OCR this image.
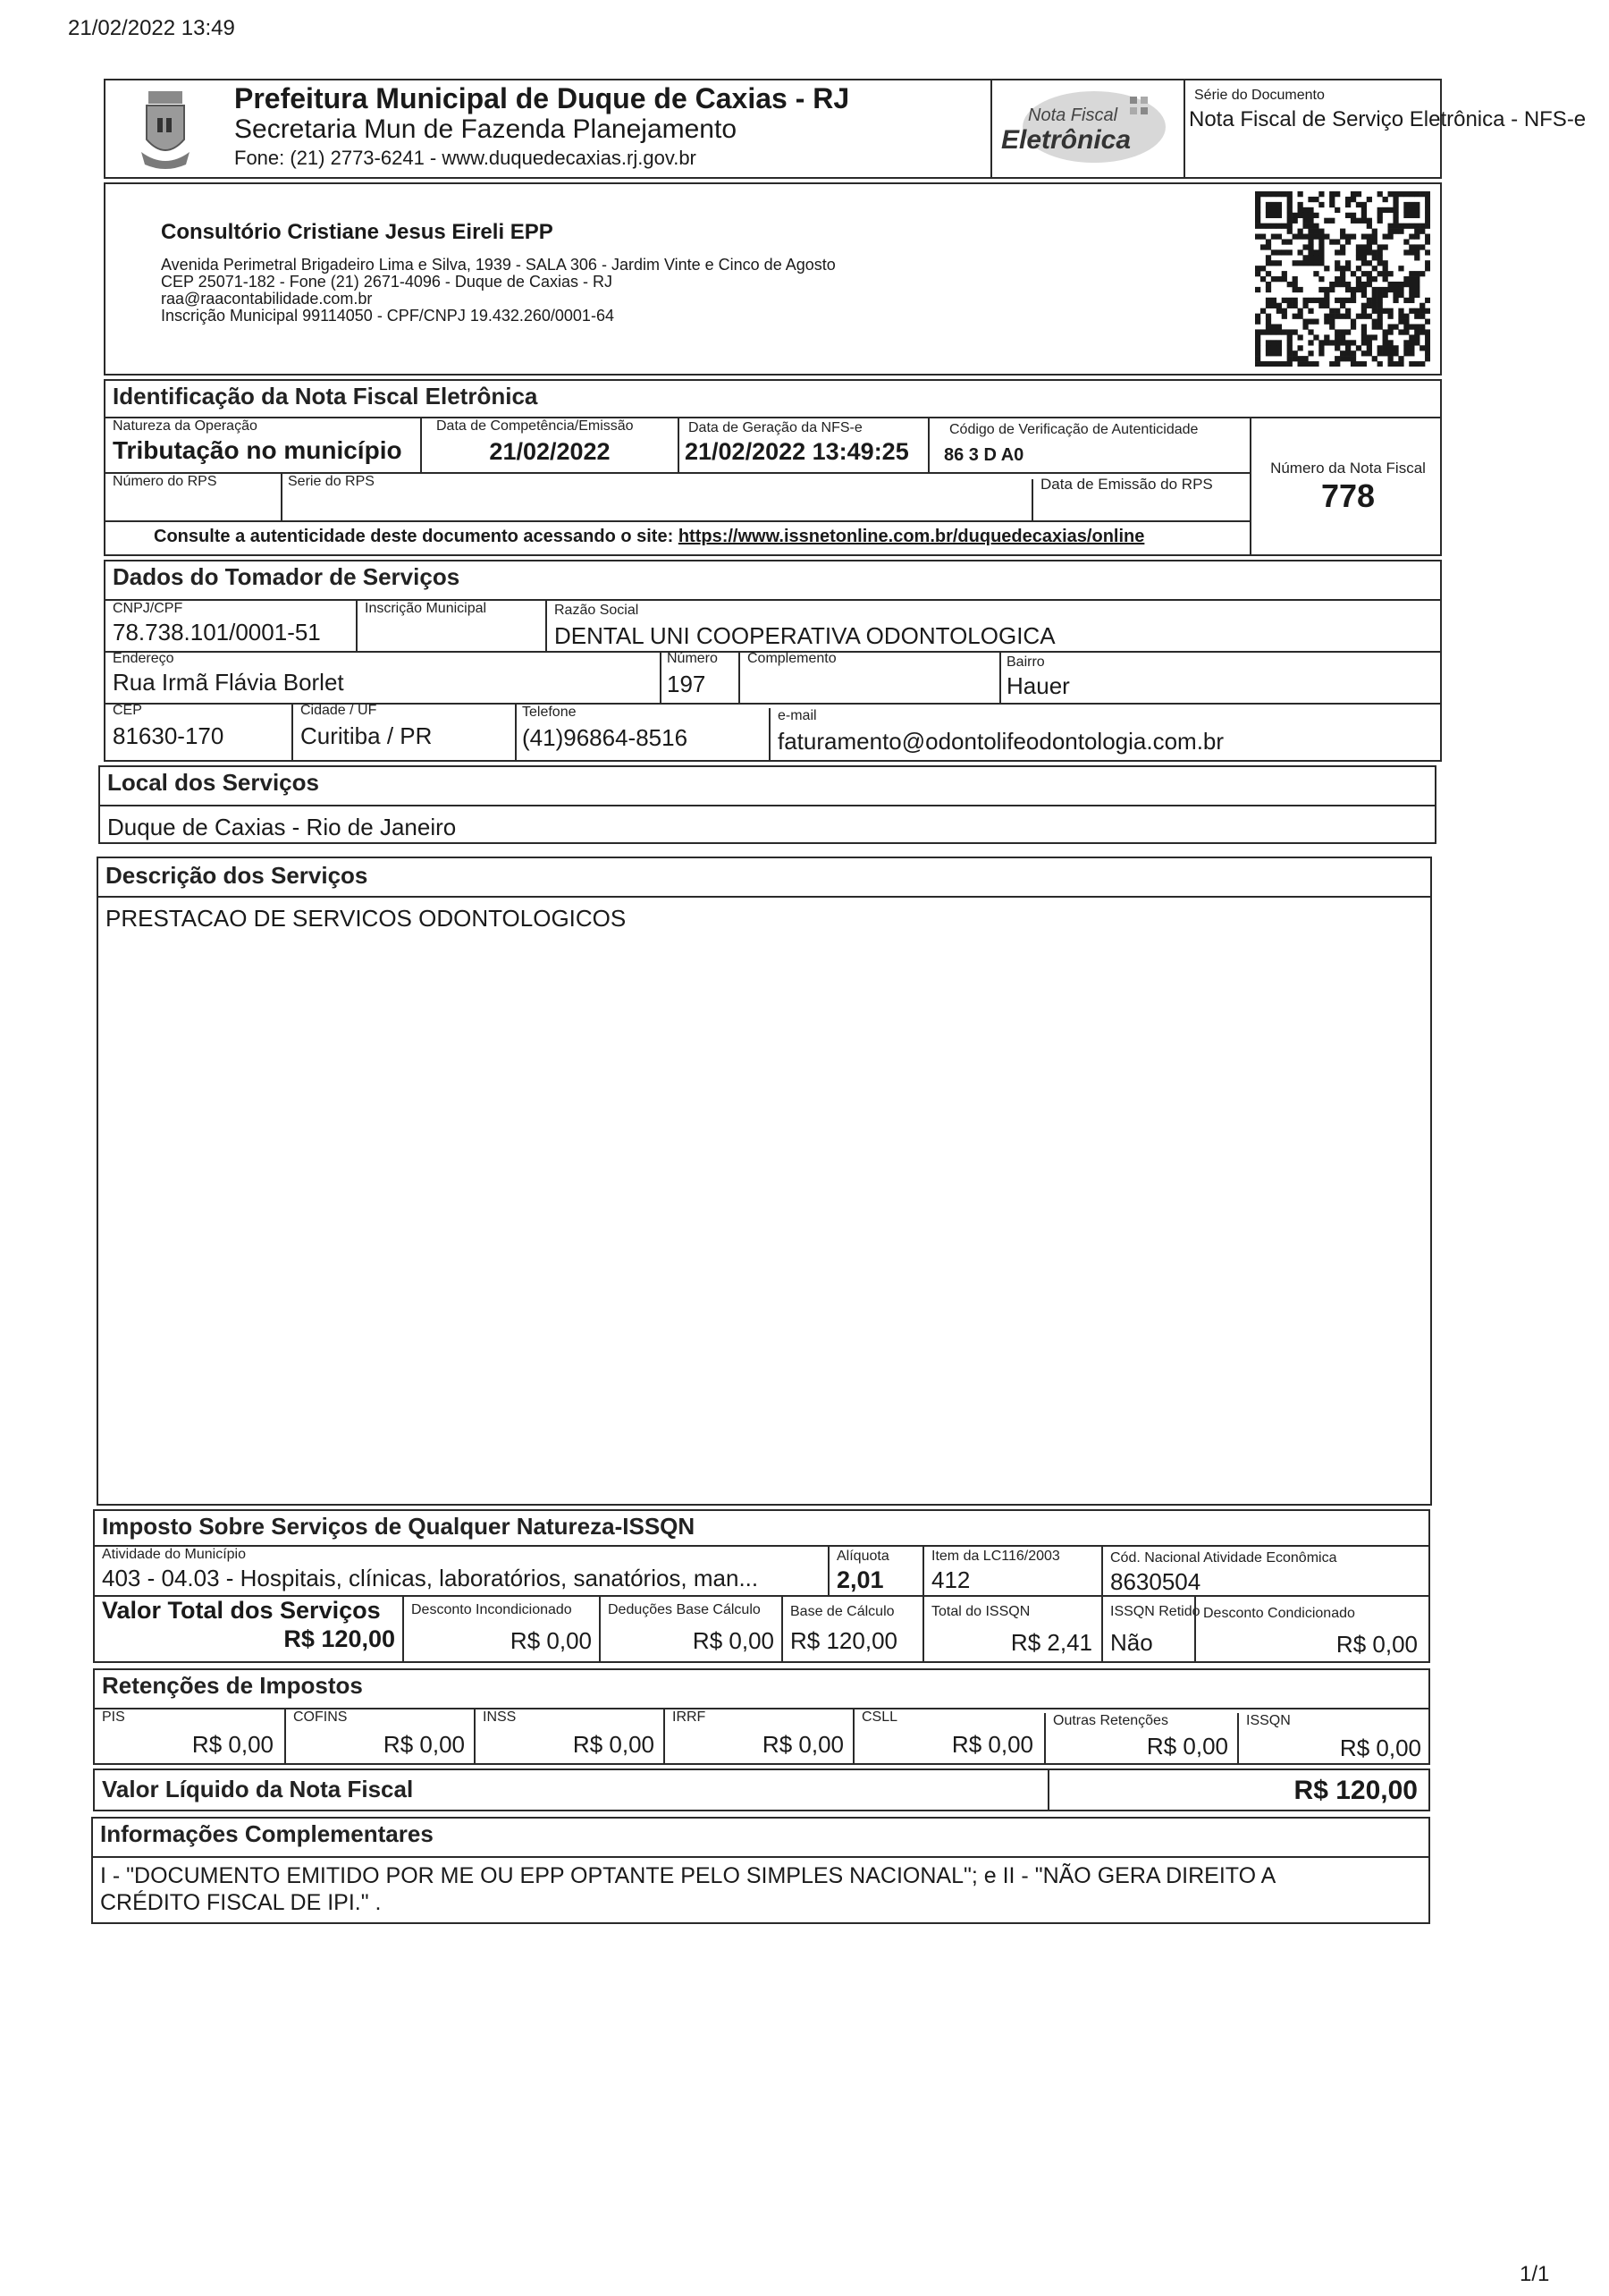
21/02/2022 13:49
Prefeitura Municipal de Duque de Caxias - RJ
Secretaria Mun de Fazenda Planejamento
Fone: (21) 2773-6241 - www.duquedecaxias.rj.gov.br
Nota Fiscal
Eletrônica
Série do Documento
Nota Fiscal de Serviço Eletrônica - NFS-e
Consultório Cristiane Jesus Eireli EPP
Avenida Perimetral Brigadeiro Lima e Silva, 1939 - SALA 306 - Jardim Vinte e Cinco de Agosto
CEP 25071-182 - Fone (21) 2671-4096 - Duque de Caxias - RJ
raa@raacontabilidade.com.br
Inscrição Municipal 99114050 - CPF/CNPJ 19.432.260/0001-64
Identificação da Nota Fiscal Eletrônica
Natureza da Operação
Tributação no município
Data de Competência/Emissão
21/02/2022
Data de Geração da NFS-e
21/02/2022 13:49:25
Código de Verificação de Autenticidade
86 3 D A0
Número da Nota Fiscal
778
Número do RPS	Serie do RPS	Data de Emissão do RPS
Consulte a autenticidade deste documento acessando o site: https://www.issnetonline.com.br/duquedecaxias/online
Dados do Tomador de Serviços
CNPJ/CPF
78.738.101/0001-51
Inscrição Municipal	Razão Social
DENTAL UNI COOPERATIVA ODONTOLOGICA
Endereço
Rua Irmã Flávia Borlet
Número
197
Complemento	Bairro
Hauer
CEP
81630-170
Cidade / UF
Curitiba / PR
Telefone
(41)96864-8516
e-mail
faturamento@odontolifeodontologia.com.br
Local dos Serviços
Duque de Caxias - Rio de Janeiro
Descrição dos Serviços
PRESTACAO DE SERVICOS ODONTOLOGICOS
Imposto Sobre Serviços de Qualquer Natureza-ISSQN
Atividade do Município
403 - 04.03 - Hospitais, clínicas, laboratórios, sanatórios, man...
Alíquota
2,01
Item da LC116/2003
412
Cód. Nacional Atividade Econômica
8630504
Valor Total dos Serviços
R$ 120,00
Desconto Incondicionado
R$ 0,00
Deduções Base Cálculo
R$ 0,00
Base de Cálculo
R$ 120,00
Total do ISSQN
R$ 2,41
ISSQN Retido
Não
Desconto Condicionado
R$ 0,00
Retenções de Impostos
PIS
R$ 0,00
COFINS
R$ 0,00
INSS
R$ 0,00
IRRF
R$ 0,00
CSLL
R$ 0,00
Outras Retenções
R$ 0,00
ISSQN
R$ 0,00
Valor Líquido da Nota Fiscal	R$ 120,00
Informações Complementares
I - "DOCUMENTO EMITIDO POR ME OU EPP OPTANTE PELO SIMPLES NACIONAL"; e II - "NÃO GERA DIREITO A
CRÉDITO FISCAL DE IPI." .
1/1
